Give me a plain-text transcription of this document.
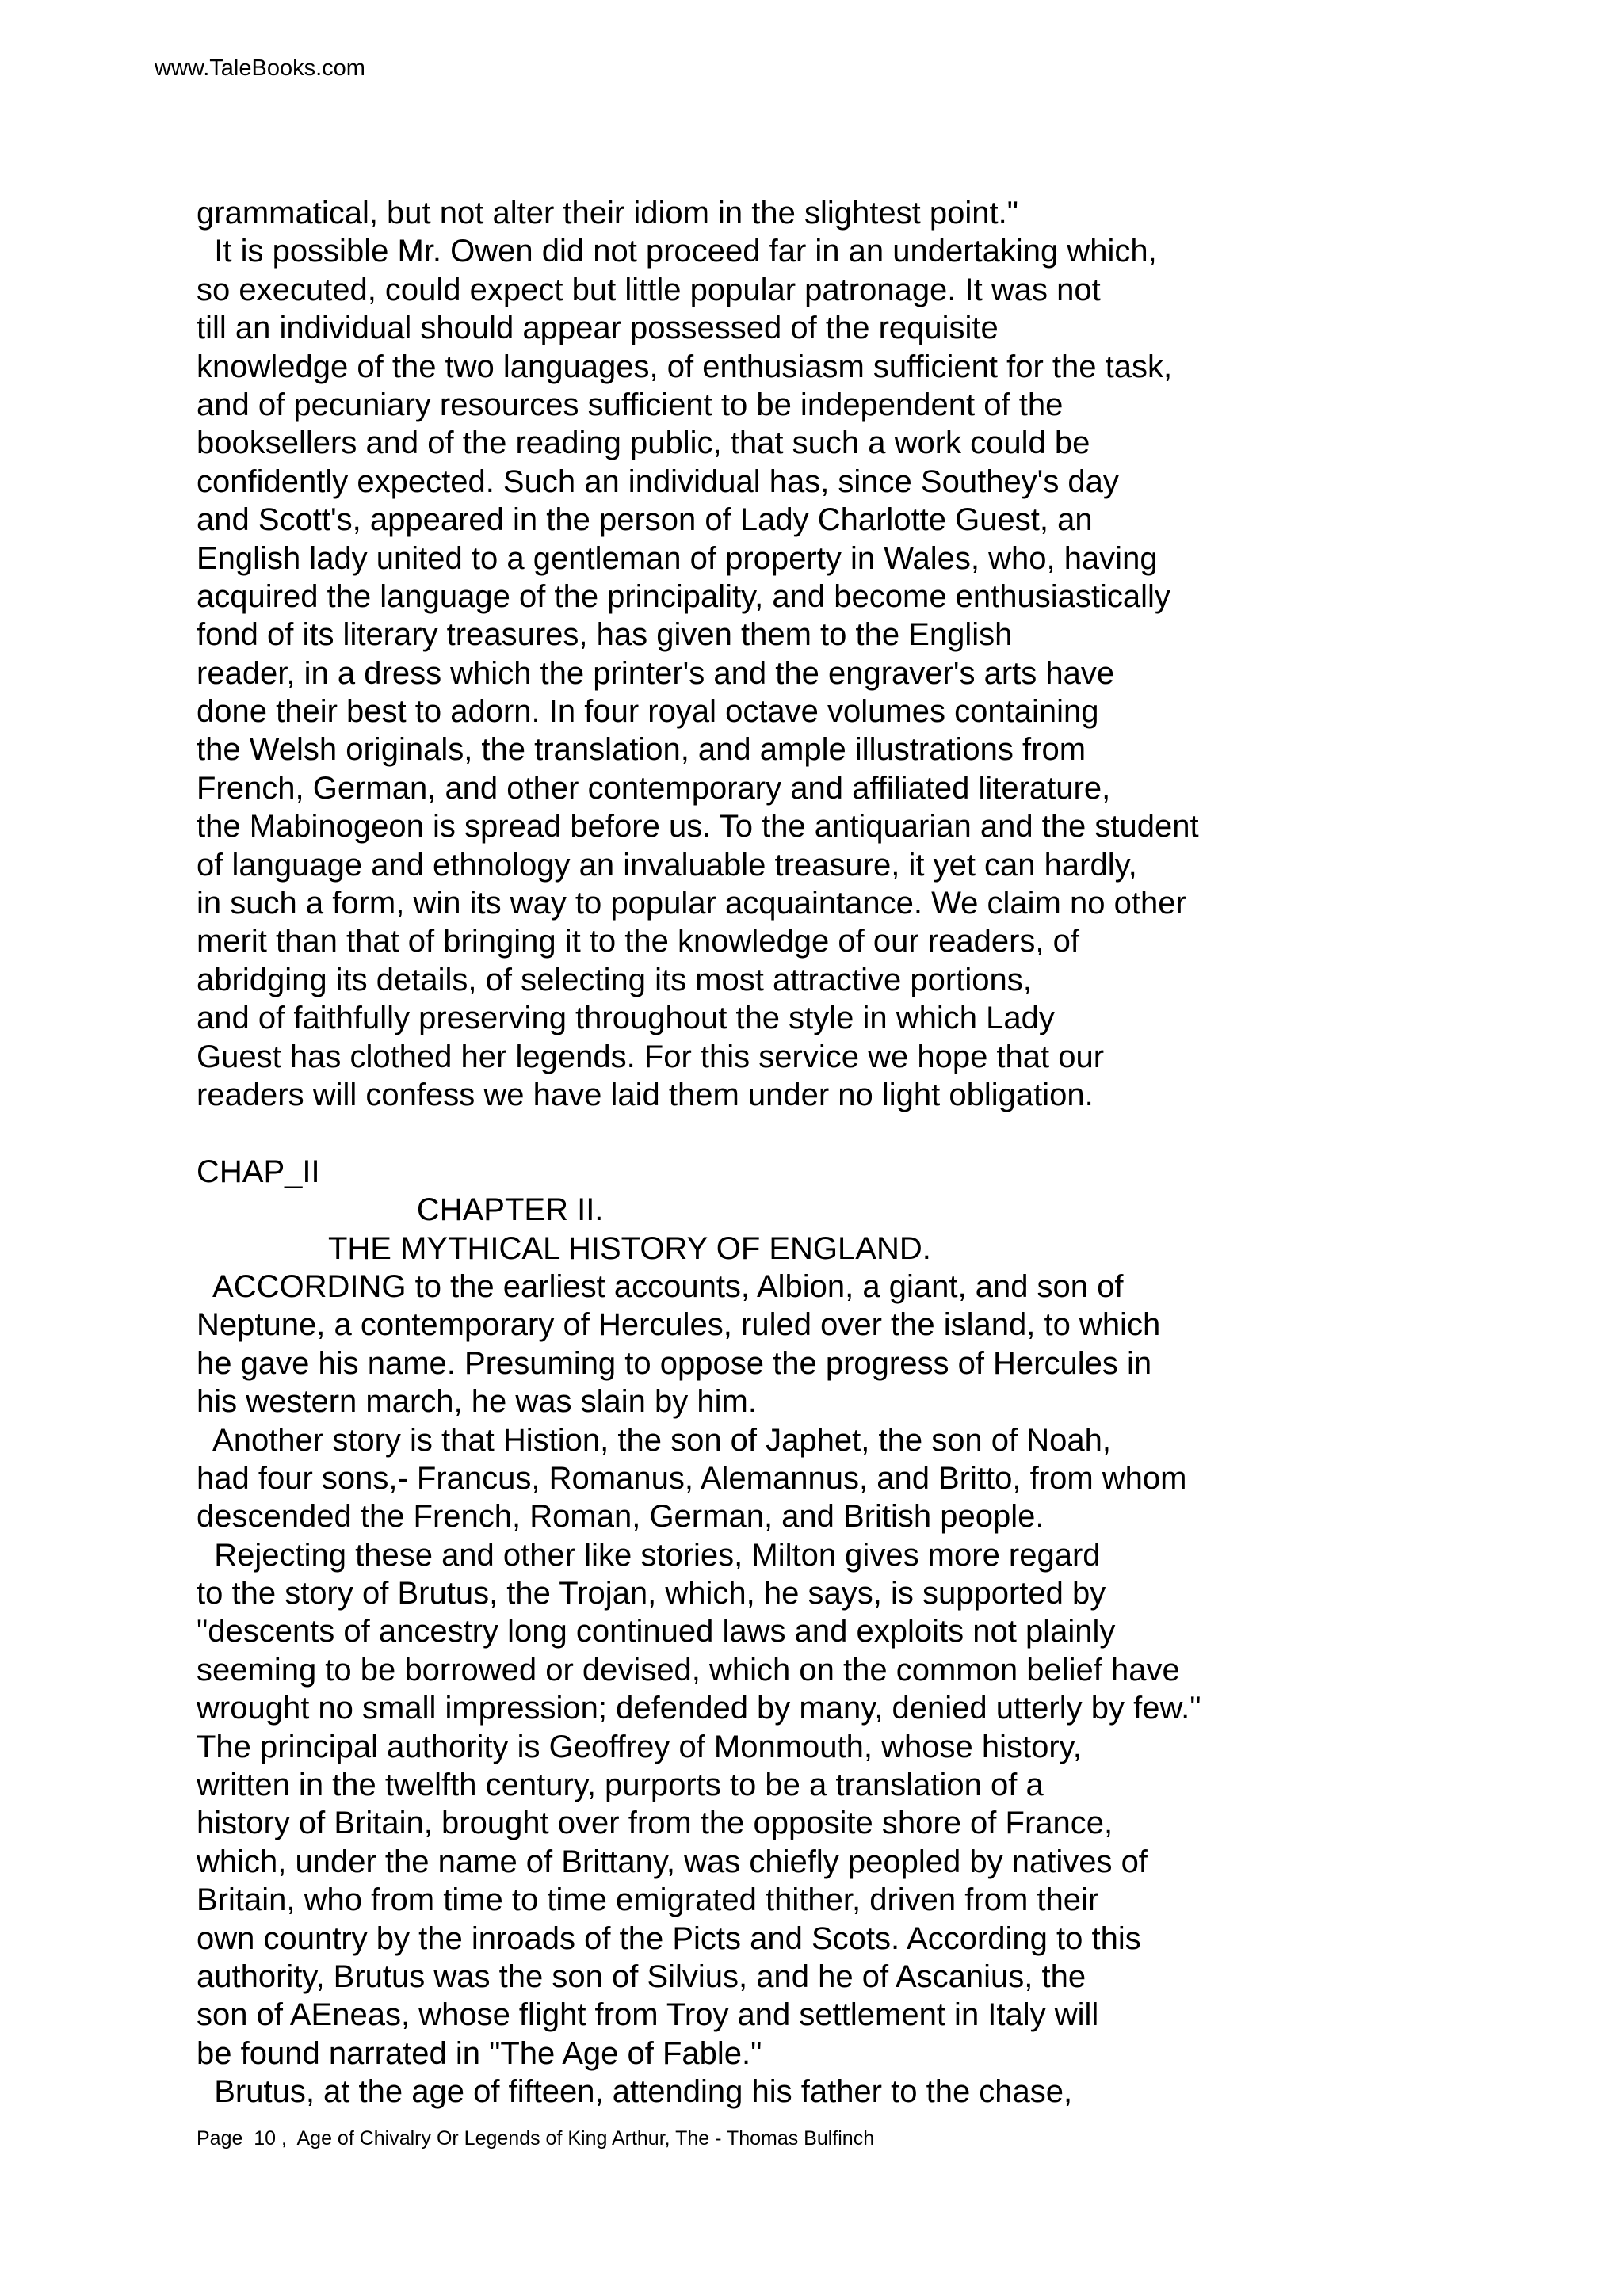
www.TaleBooks.com
grammatical, but not alter their idiom in the slightest point."
It is possible Mr. Owen did not proceed far in an undertaking which,
so executed, could expect but little popular patronage. It was not
till an individual should appear possessed of the requisite
knowledge of the two languages, of enthusiasm sufficient for the task,
and of pecuniary resources sufficient to be independent of the
booksellers and of the reading public, that such a work could be
confidently expected. Such an individual has, since Southey's day
and Scott's, appeared in the person of Lady Charlotte Guest, an
English lady united to a gentleman of property in Wales, who, having
acquired the language of the principality, and become enthusiastically
fond of its literary treasures, has given them to the English
reader, in a dress which the printer's and the engraver's arts have
done their best to adorn. In four royal octave volumes containing
the Welsh originals, the translation, and ample illustrations from
French, German, and other contemporary and affiliated literature,
the Mabinogeon is spread before us. To the antiquarian and the student
of language and ethnology an invaluable treasure, it yet can hardly,
in such a form, win its way to popular acquaintance. We claim no other
merit than that of bringing it to the knowledge of our readers, of
abridging its details, of selecting its most attractive portions,
and of faithfully preserving throughout the style in which Lady
Guest has clothed her legends. For this service we hope that our
readers will confess we have laid them under no light obligation.
CHAP_II
CHAPTER II.
THE MYTHICAL HISTORY OF ENGLAND.
ACCORDING to the earliest accounts, Albion, a giant, and son of
Neptune, a contemporary of Hercules, ruled over the island, to which
he gave his name. Presuming to oppose the progress of Hercules in
his western march, he was slain by him.
Another story is that Histion, the son of Japhet, the son of Noah,
had four sons,- Francus, Romanus, Alemannus, and Britto, from whom
descended the French, Roman, German, and British people.
Rejecting these and other like stories, Milton gives more regard
to the story of Brutus, the Trojan, which, he says, is supported by
"descents of ancestry long continued laws and exploits not plainly
seeming to be borrowed or devised, which on the common belief have
wrought no small impression; defended by many, denied utterly by few."
The principal authority is Geoffrey of Monmouth, whose history,
written in the twelfth century, purports to be a translation of a
history of Britain, brought over from the opposite shore of France,
which, under the name of Brittany, was chiefly peopled by natives of
Britain, who from time to time emigrated thither, driven from their
own country by the inroads of the Picts and Scots. According to this
authority, Brutus was the son of Silvius, and he of Ascanius, the
son of AEneas, whose flight from Troy and settlement in Italy will
be found narrated in "The Age of Fable."
Brutus, at the age of fifteen, attending his father to the chase,
Page  10 ,  Age of Chivalry Or Legends of King Arthur, The - Thomas Bulfinch
